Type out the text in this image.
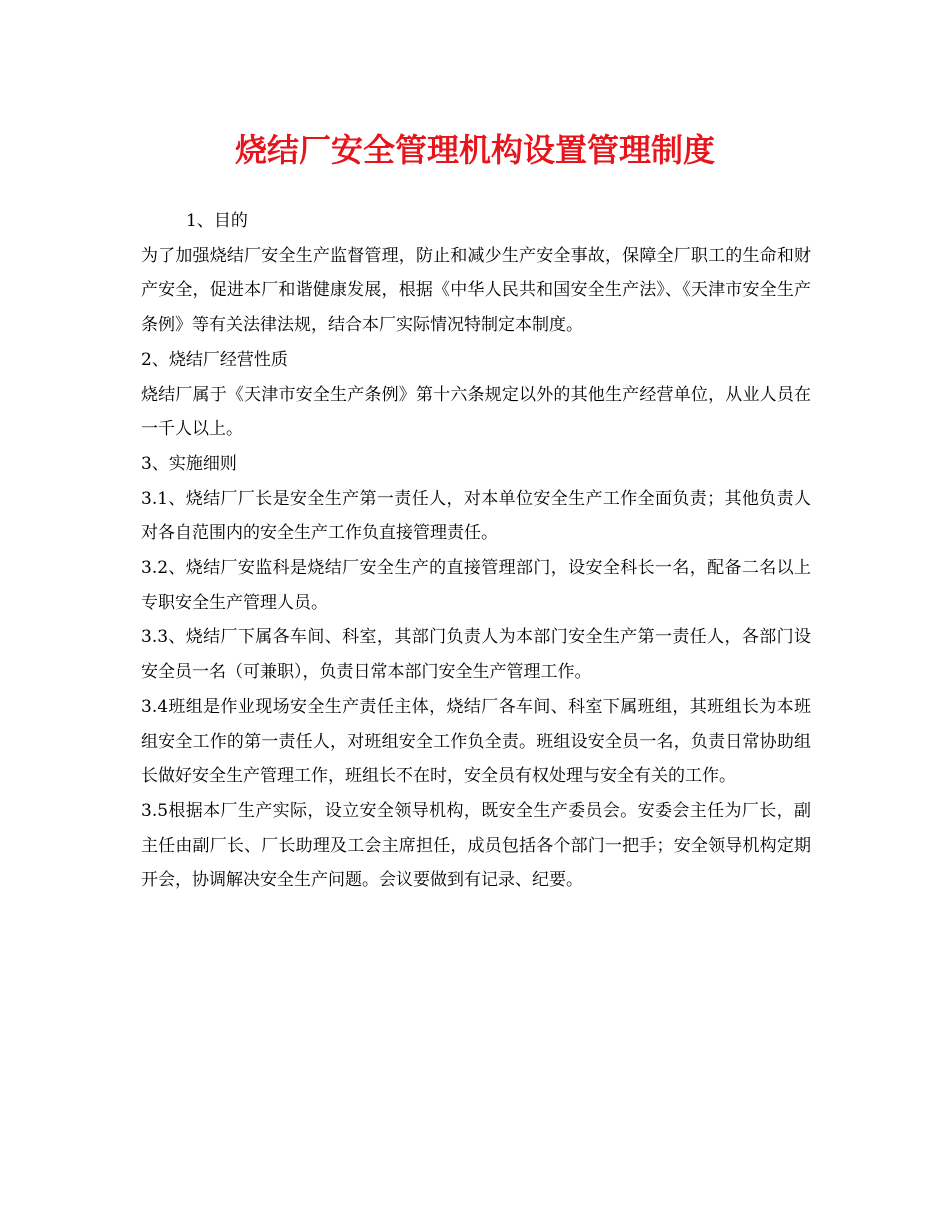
烧结厂安全管理机构设置管理制度

1、目的

为了加强烧结厂安全生产监督管理，防止和减少生产安全事故，保障全厂职工的生命和财产安全，促进本厂和谐健康发展，根据《中华人民共和国安全生产法》、《天津市安全生产条例》等有关法律法规，结合本厂实际情况特制定本制度。

2、烧结厂经营性质

烧结厂属于《天津市安全生产条例》第十六条规定以外的其他生产经营单位，从业人员在一千人以上。

3、实施细则

3.1、烧结厂厂长是安全生产第一责任人，对本单位安全生产工作全面负责；其他负责人对各自范围内的安全生产工作负直接管理责任。

3.2、烧结厂安监科是烧结厂安全生产的直接管理部门，设安全科长一名，配备二名以上专职安全生产管理人员。

3.3、烧结厂下属各车间、科室，其部门负责人为本部门安全生产第一责任人，各部门设安全员一名（可兼职），负责日常本部门安全生产管理工作。

3.4班组是作业现场安全生产责任主体，烧结厂各车间、科室下属班组，其班组长为本班组安全工作的第一责任人，对班组安全工作负全责。班组设安全员一名，负责日常协助组长做好安全生产管理工作，班组长不在时，安全员有权处理与安全有关的工作。

3.5根据本厂生产实际，设立安全领导机构，既安全生产委员会。安委会主任为厂长，副主任由副厂长、厂长助理及工会主席担任，成员包括各个部门一把手；安全领导机构定期开会，协调解决安全生产问题。会议要做到有记录、纪要。
